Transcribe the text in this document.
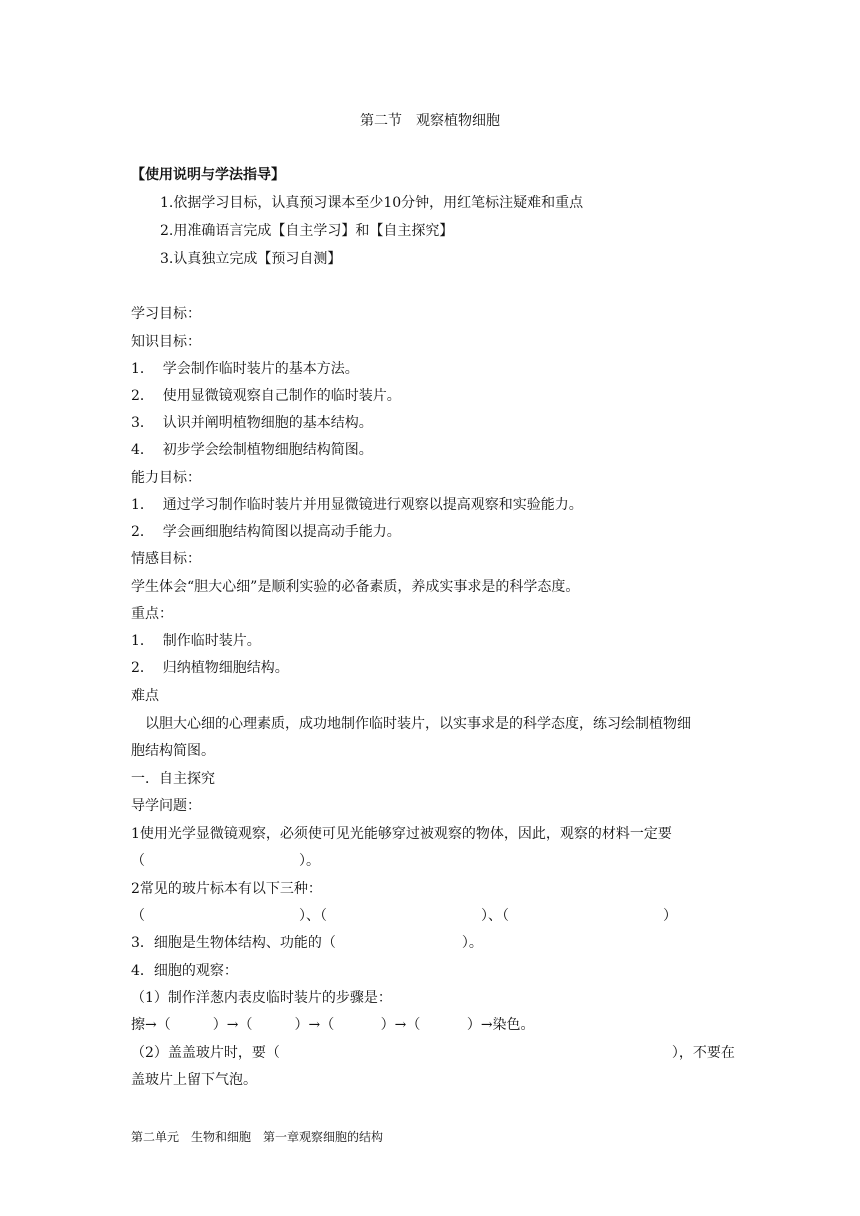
第二节　观察植物细胞
【使用说明与学法指导】
1.依据学习目标，认真预习课本至少10分钟，用红笔标注疑难和重点
2.用准确语言完成【自主学习】和【自主探究】
3.认真独立完成【预习自测】
学习目标：
知识目标：
1．  学会制作临时装片的基本方法。
2．  使用显微镜观察自己制作的临时装片。
3．  认识并阐明植物细胞的基本结构。
4．  初步学会绘制植物细胞结构简图。
能力目标：
1．  通过学习制作临时装片并用显微镜进行观察以提高观察和实验能力。
2．  学会画细胞结构简图以提高动手能力。
情感目标：
学生体会“胆大心细”是顺利实验的必备素质，养成实事求是的科学态度。
重点：
1．  制作临时装片。
2．  归纳植物细胞结构。
难点
以胆大心细的心理素质，成功地制作临时装片，以实事求是的科学态度，练习绘制植物细
胞结构简图。
一．自主探究
导学问题：
1使用光学显微镜观察，必须使可见光能够穿过被观察的物体，因此，观察的材料一定要
（　　　　　　　　　　　）。
2常见的玻片标本有以下三种：
（　　　　　　　　　　　）、（　　　　　　　　　　　）、（　　　　　　　　　　　）
3．细胞是生物体结构、功能的（　　　　　　　　　）。
4．细胞的观察：
（1）制作洋葱内表皮临时装片的步骤是：
擦→（　　　）→（　　　）→（　　　 ）→（　　　 ）→染色。
（2）盖盖玻片时，要（　　　　　　　　　　　　　　　　　　　　　　　　　　　　），不要在
盖玻片上留下气泡。
第二单元　生物和细胞　第一章观察细胞的结构
